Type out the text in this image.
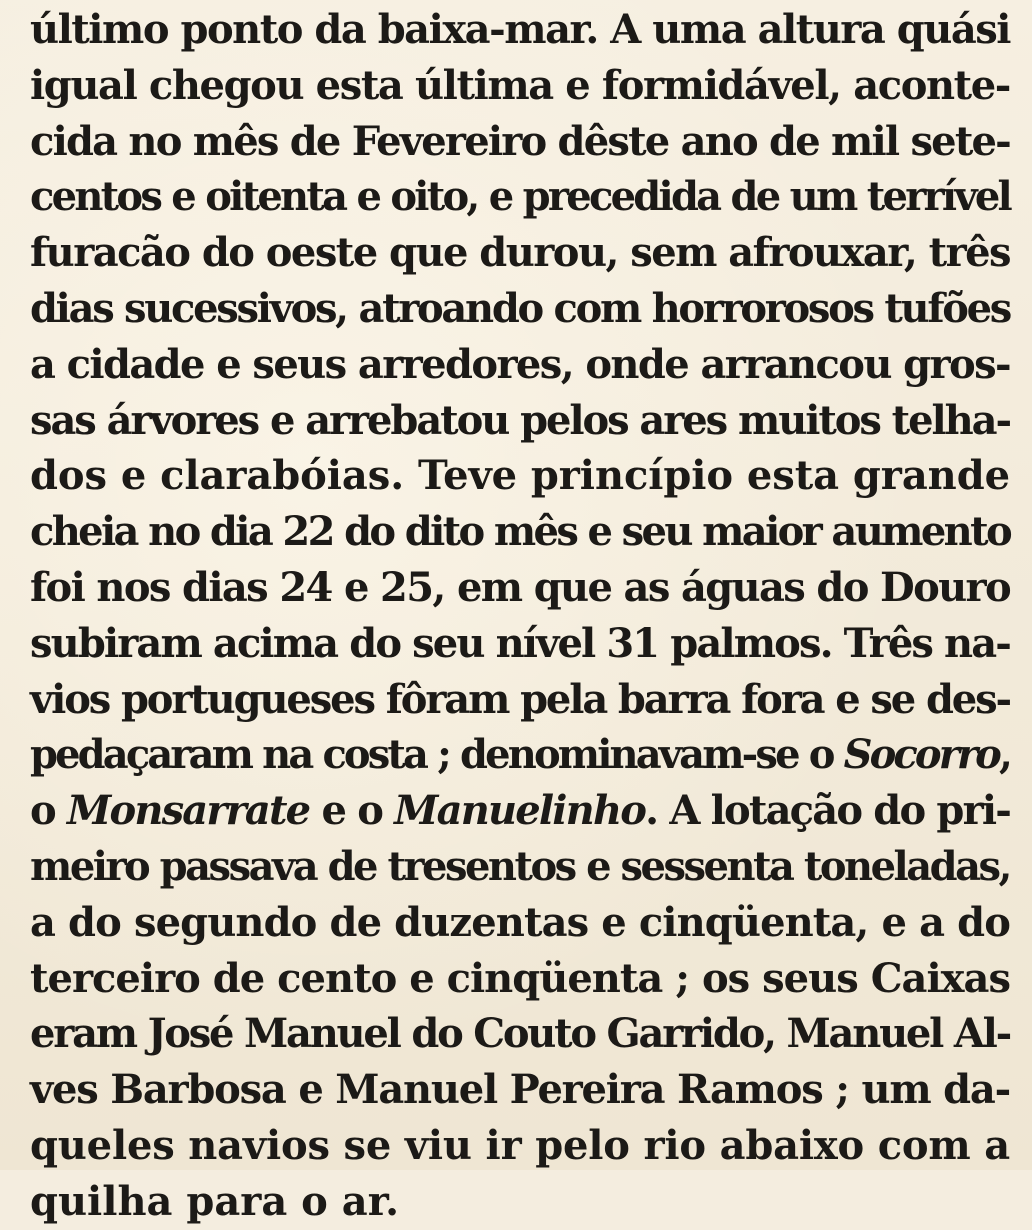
último ponto da baixa-mar. A uma altura quási
igual chegou esta última e formidável, aconte-
cida no mês de Fevereiro dêste ano de mil sete-
centos e oitenta e oito, e precedida de um terrível
furacão do oeste que durou, sem afrouxar, três
dias sucessivos, atroando com horrorosos tufões
a cidade e seus arredores, onde arrancou gros-
sas árvores e arrebatou pelos ares muitos telha-
dos e clarabóias. Teve princípio esta grande
cheia no dia 22 do dito mês e seu maior aumento
foi nos dias 24 e 25, em que as águas do Douro
subiram acima do seu nível 31 palmos. Três na-
vios portugueses fôram pela barra fora e se des-
pedaçaram na costa ; denominavam-se o Socorro,
o Monsarrate e o Manuelinho. A lotação do pri-
meiro passava de tresentos e sessenta toneladas,
a do segundo de duzentas e cinqüenta, e a do
terceiro de cento e cinqüenta ; os seus Caixas
eram José Manuel do Couto Garrido, Manuel Al-
ves Barbosa e Manuel Pereira Ramos ; um da-
queles navios se viu ir pelo rio abaixo com a
quilha para o ar.
